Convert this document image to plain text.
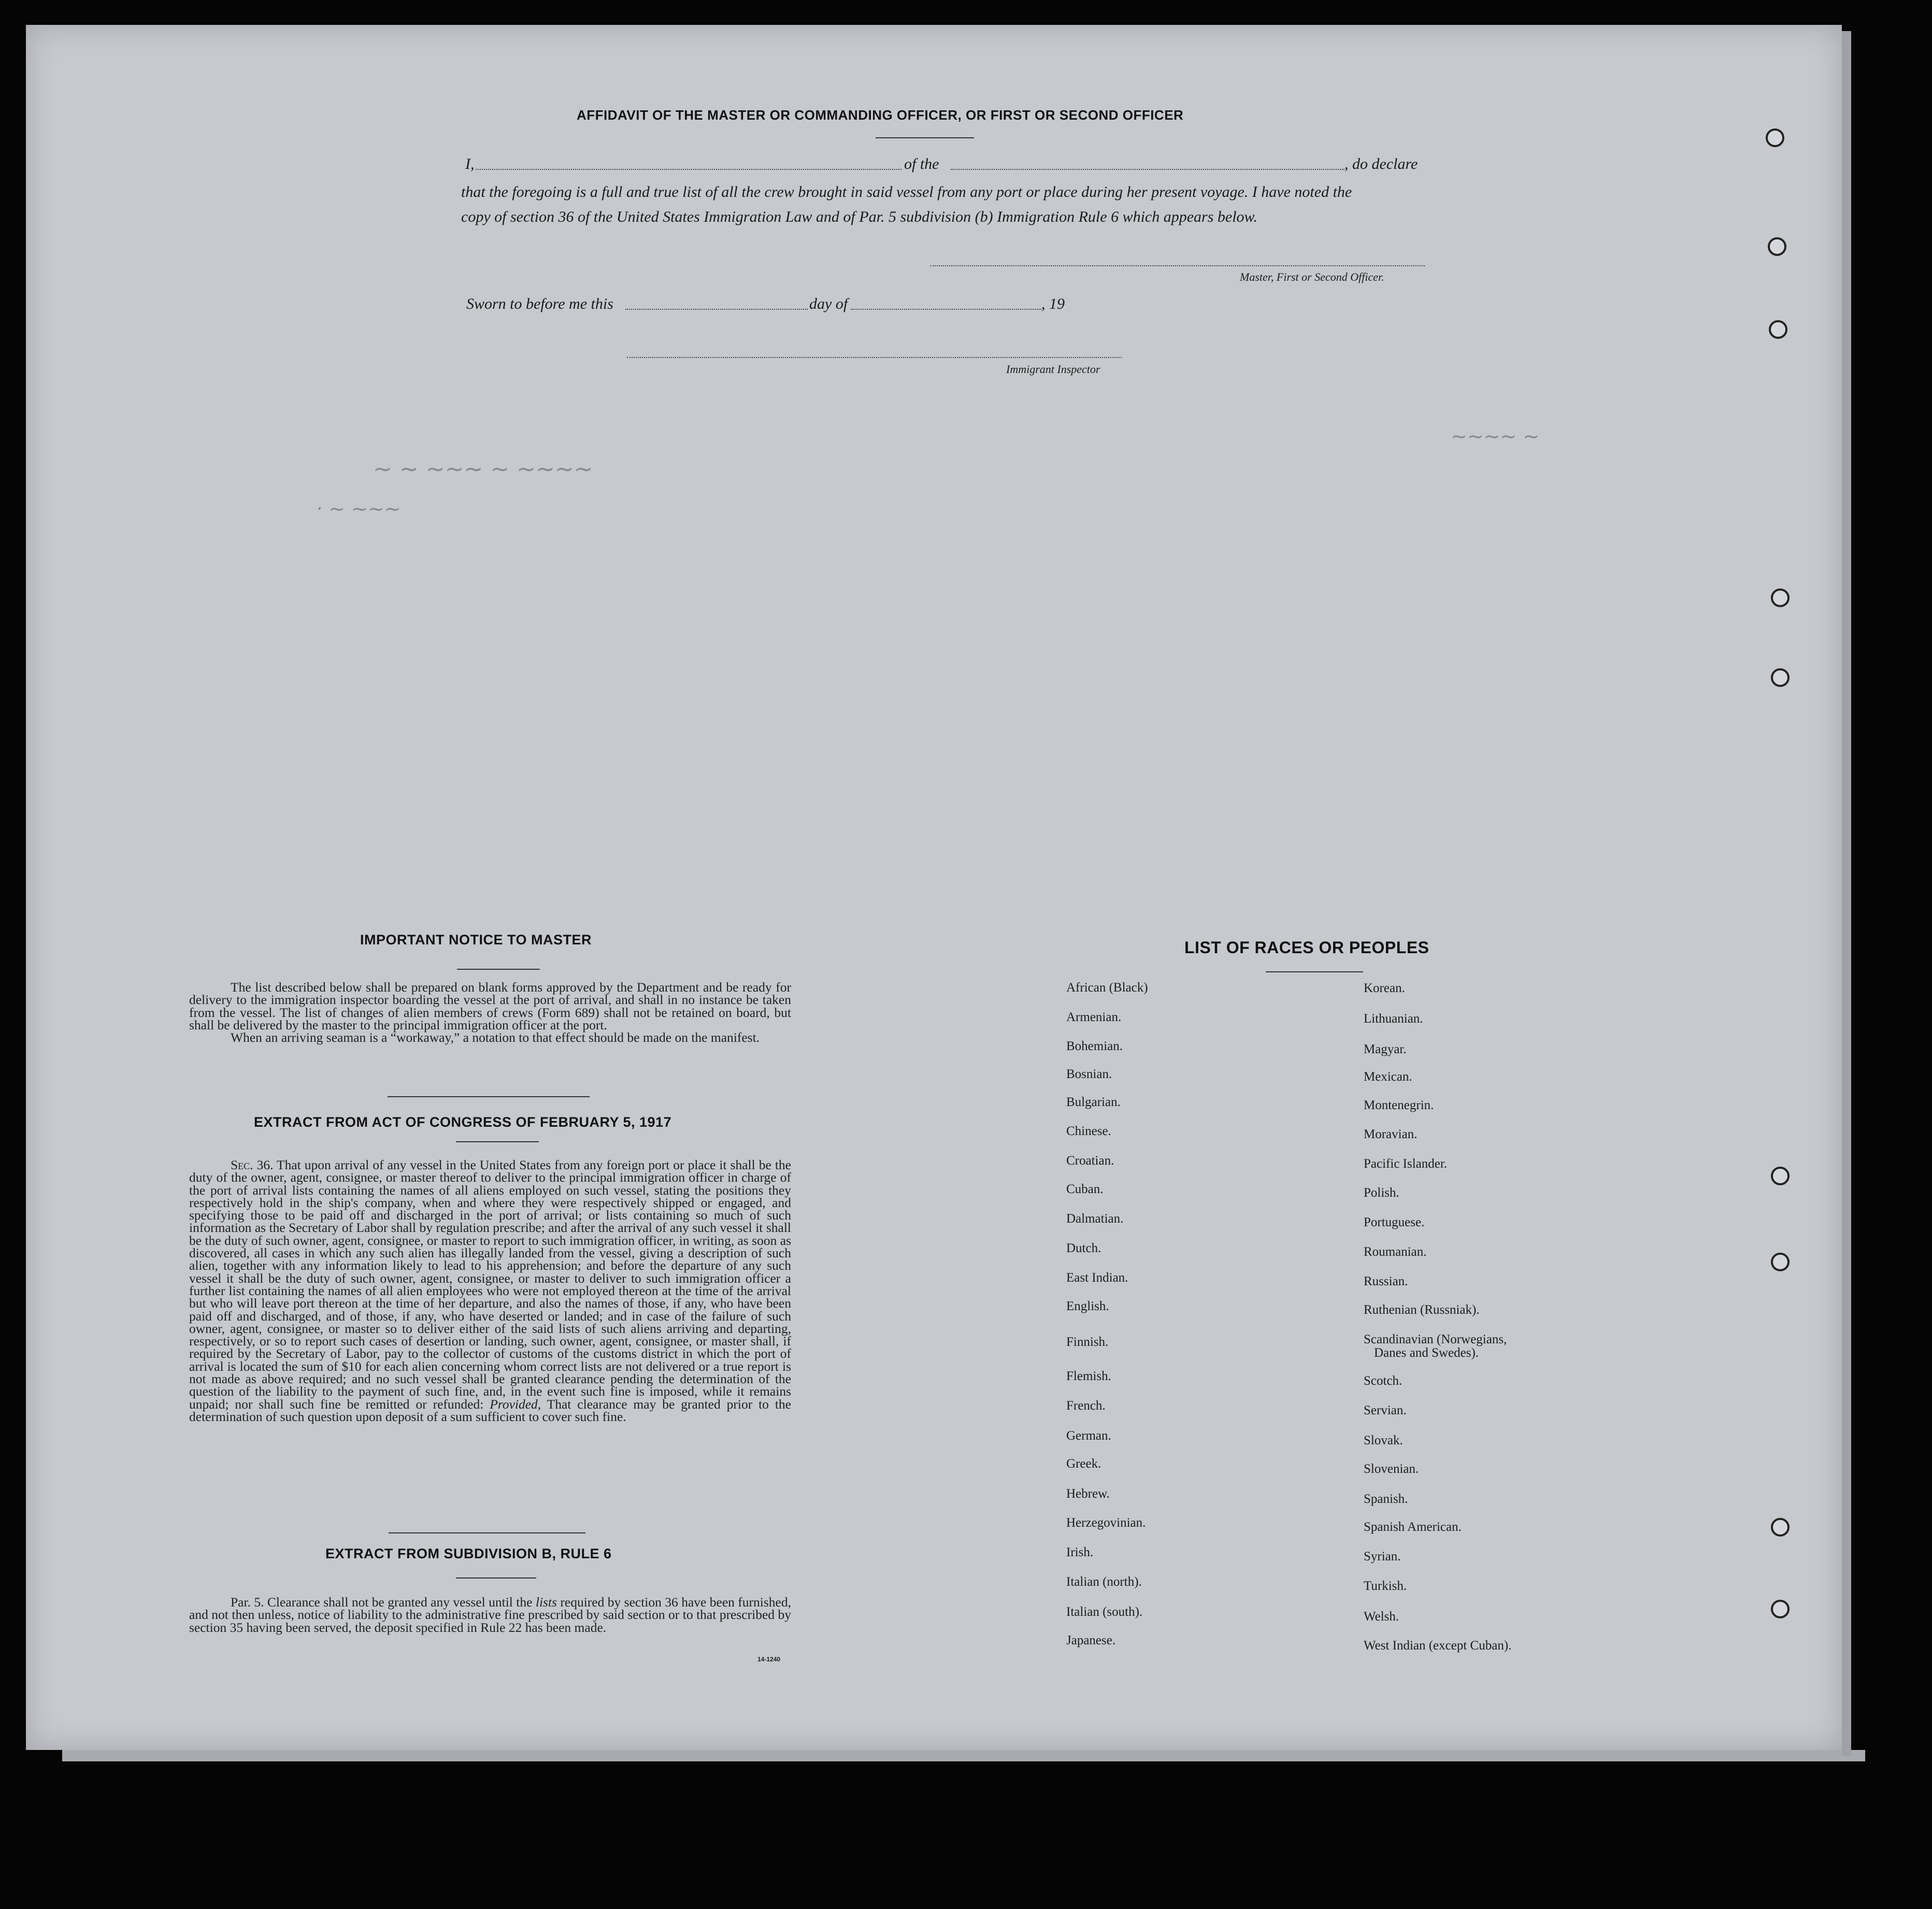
~ ~ ~~~ ~ ~~~~
· ~ ~~~
~~~~ ~
AFFIDAVIT OF THE MASTER OR COMMANDING OFFICER, OR FIRST OR SECOND OFFICER
I,	of the	, do declare
that the foregoing is a full and true list of all the crew brought in said vessel from any port or place during her present voyage. I have noted the
copy of section 36 of the United States Immigration Law and of Par. 5 subdivision (b) Immigration Rule 6 which appears below.
Master, First or Second Officer.
Sworn to before me this	day of	, 19
Immigrant Inspector
IMPORTANT NOTICE TO MASTER

The list described below shall be prepared on blank forms approved by the Department and be ready for delivery to the immigration inspector boarding the vessel at the port of arrival, and shall in no instance be taken from the vessel. The list of changes of alien members of crews (Form 689) shall not be retained on board, but shall be delivered by the master to the principal immigration officer at the port.

When an arriving seaman is a “workaway,” a notation to that effect should be made on the manifest.

EXTRACT FROM ACT OF CONGRESS OF FEBRUARY 5, 1917

Sec. 36. That upon arrival of any vessel in the United States from any foreign port or place it shall be the duty of the owner, agent, consignee, or master thereof to deliver to the principal immigration officer in charge of the port of arrival lists containing the names of all aliens employed on such vessel, stating the positions they respectively hold in the ship's company, when and where they were respectively shipped or engaged, and specifying those to be paid off and discharged in the port of arrival; or lists containing so much of such information as the Secretary of Labor shall by regulation prescribe; and after the arrival of any such vessel it shall be the duty of such owner, agent, consignee, or master to report to such immigration officer, in writing, as soon as discovered, all cases in which any such alien has illegally landed from the vessel, giving a description of such alien, together with any information likely to lead to his apprehension; and before the departure of any such vessel it shall be the duty of such owner, agent, consignee, or master to deliver to such immigration officer a further list containing the names of all alien employees who were not employed thereon at the time of the arrival but who will leave port thereon at the time of her departure, and also the names of those, if any, who have been paid off and discharged, and of those, if any, who have deserted or landed; and in case of the failure of such owner, agent, consignee, or master so to deliver either of the said lists of such aliens arriving and departing, respectively, or so to report such cases of desertion or landing, such owner, agent, consignee, or master shall, if required by the Secretary of Labor, pay to the collector of customs of the customs district in which the port of arrival is located the sum of $10 for each alien concerning whom correct lists are not delivered or a true report is not made as above required; and no such vessel shall be granted clearance pending the determination of the question of the liability to the payment of such fine, and, in the event such fine is imposed, while it remains unpaid; nor shall such fine be remitted or refunded: Provided, That clearance may be granted prior to the determination of such question upon deposit of a sum sufficient to cover such fine.

EXTRACT FROM SUBDIVISION B, RULE 6

Par. 5. Clearance shall not be granted any vessel until the lists required by section 36 have been furnished, and not then unless, notice of liability to the administrative fine prescribed by said section or to that prescribed by section 35 having been served, the deposit specified in Rule 22 has been made.

14-1240
LIST OF RACES OR PEOPLES
African (Black)
Armenian.
Bohemian.
Bosnian.
Bulgarian.
Chinese.
Croatian.
Cuban.
Dalmatian.
Dutch.
East Indian.
English.
Finnish.
Flemish.
French.
German.
Greek.
Hebrew.
Herzegovinian.
Irish.
Italian (north).
Italian (south).
Japanese.
Korean.
Lithuanian.
Magyar.
Mexican.
Montenegrin.
Moravian.
Pacific Islander.
Polish.
Portuguese.
Roumanian.
Russian.
Ruthenian (Russniak).
Scandinavian (Norwegians,
Danes and Swedes).
Scotch.
Servian.
Slovak.
Slovenian.
Spanish.
Spanish American.
Syrian.
Turkish.
Welsh.
West Indian (except Cuban).
